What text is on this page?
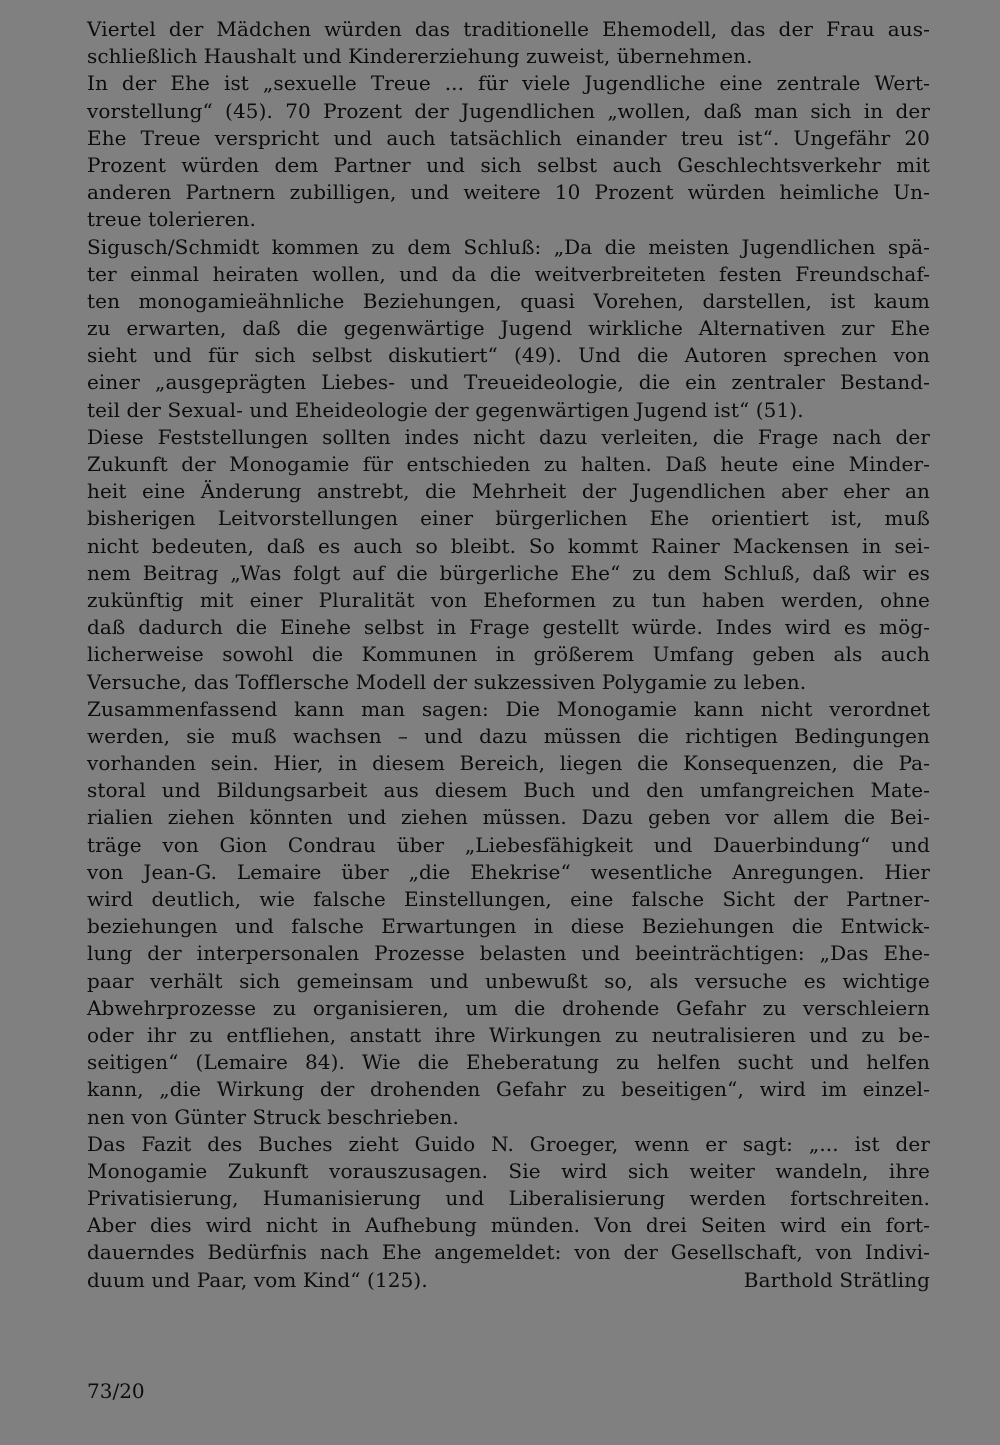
Viertel der Mädchen würden das traditionelle Ehemodell, das der Frau aus-
schließlich Haushalt und Kindererziehung zuweist, übernehmen.
In der Ehe ist „sexuelle Treue ... für viele Jugendliche eine zentrale Wert-
vorstellung“ (45). 70 Prozent der Jugendlichen „wollen, daß man sich in der
Ehe Treue verspricht und auch tatsächlich einander treu ist“. Ungefähr 20
Prozent würden dem Partner und sich selbst auch Geschlechtsverkehr mit
anderen Partnern zubilligen, und weitere 10 Prozent würden heimliche Un-
treue tolerieren.
Sigusch/Schmidt kommen zu dem Schluß: „Da die meisten Jugendlichen spä-
ter einmal heiraten wollen, und da die weitverbreiteten festen Freundschaf-
ten monogamieähnliche Beziehungen, quasi Vorehen, darstellen, ist kaum
zu erwarten, daß die gegenwärtige Jugend wirkliche Alternativen zur Ehe
sieht und für sich selbst diskutiert“ (49). Und die Autoren sprechen von
einer „ausgeprägten Liebes- und Treueideologie, die ein zentraler Bestand-
teil der Sexual- und Eheideologie der gegenwärtigen Jugend ist“ (51).
Diese Feststellungen sollten indes nicht dazu verleiten, die Frage nach der
Zukunft der Monogamie für entschieden zu halten. Daß heute eine Minder-
heit eine Änderung anstrebt, die Mehrheit der Jugendlichen aber eher an
bisherigen Leitvorstellungen einer bürgerlichen Ehe orientiert ist, muß
nicht bedeuten, daß es auch so bleibt. So kommt Rainer Mackensen in sei-
nem Beitrag „Was folgt auf die bürgerliche Ehe“ zu dem Schluß, daß wir es
zukünftig mit einer Pluralität von Eheformen zu tun haben werden, ohne
daß dadurch die Einehe selbst in Frage gestellt würde. Indes wird es mög-
licherweise sowohl die Kommunen in größerem Umfang geben als auch
Versuche, das Tofflersche Modell der sukzessiven Polygamie zu leben.
Zusammenfassend kann man sagen: Die Monogamie kann nicht verordnet
werden, sie muß wachsen – und dazu müssen die richtigen Bedingungen
vorhanden sein. Hier, in diesem Bereich, liegen die Konsequenzen, die Pa-
storal und Bildungsarbeit aus diesem Buch und den umfangreichen Mate-
rialien ziehen könnten und ziehen müssen. Dazu geben vor allem die Bei-
träge von Gion Condrau über „Liebesfähigkeit und Dauerbindung“ und
von Jean-G. Lemaire über „die Ehekrise“ wesentliche Anregungen. Hier
wird deutlich, wie falsche Einstellungen, eine falsche Sicht der Partner-
beziehungen und falsche Erwartungen in diese Beziehungen die Entwick-
lung der interpersonalen Prozesse belasten und beeinträchtigen: „Das Ehe-
paar verhält sich gemeinsam und unbewußt so, als versuche es wichtige
Abwehrprozesse zu organisieren, um die drohende Gefahr zu verschleiern
oder ihr zu entfliehen, anstatt ihre Wirkungen zu neutralisieren und zu be-
seitigen“ (Lemaire 84). Wie die Eheberatung zu helfen sucht und helfen
kann, „die Wirkung der drohenden Gefahr zu beseitigen“, wird im einzel-
nen von Günter Struck beschrieben.
Das Fazit des Buches zieht Guido N. Groeger, wenn er sagt: „... ist der
Monogamie Zukunft vorauszusagen. Sie wird sich weiter wandeln, ihre
Privatisierung, Humanisierung und Liberalisierung werden fortschreiten.
Aber dies wird nicht in Aufhebung münden. Von drei Seiten wird ein fort-
dauerndes Bedürfnis nach Ehe angemeldet: von der Gesellschaft, von Indivi-
duum und Paar, vom Kind“ (125).	Barthold Strätling
73/20
